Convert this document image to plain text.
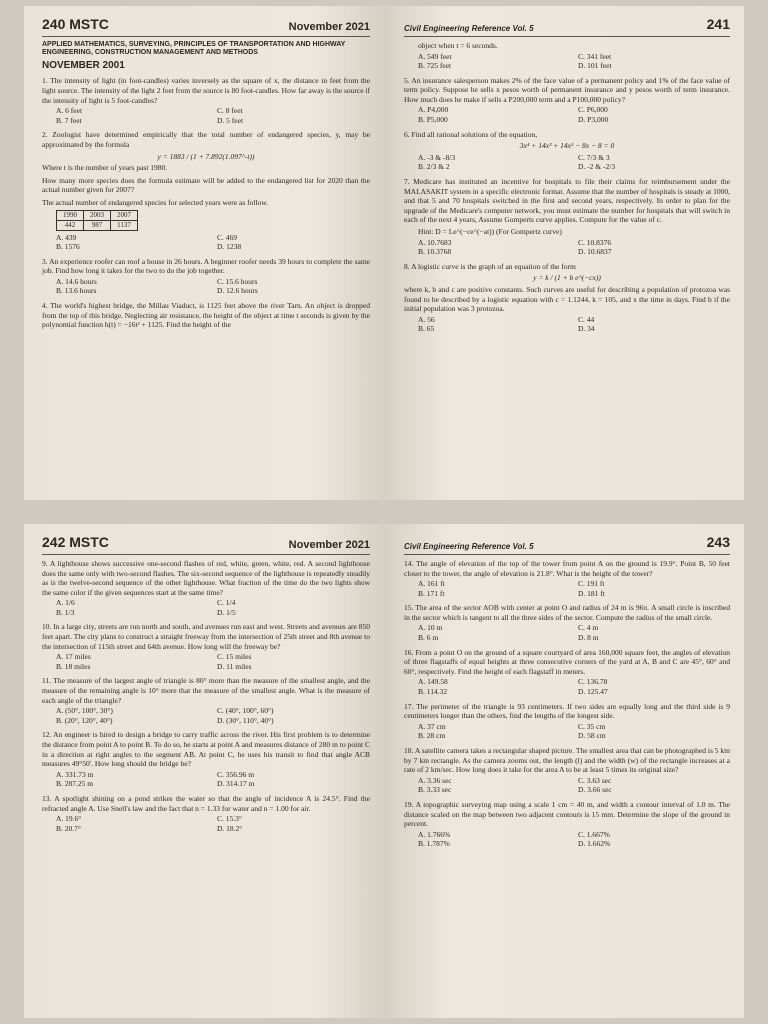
240 MSTC	November 2021
APPLIED MATHEMATICS, SURVEYING, PRINCIPLES OF TRANSPORTATION AND HIGHWAY ENGINEERING, CONSTRUCTION MANAGEMENT AND METHODS
NOVEMBER 2001
1. The intensity of light (in foot-candles) varies inversely as the square of x, the distance in feet from the light source. The intensity of the light 2 feet from the source is 80 foot-candles. How far away is the source if the intensity of light is 5 foot-candles?
A. 6 feet	C. 8 feet
B. 7 feet	D. 5 feet
2. Zoologist have determined empirically that the total number of endangered species, y, may be approximated by the formula
y = 1883 / (1 + 7.892(1.097^-t))
Where t is the number of years past 1980.
How many more species does the formula estimate will be added to the endangered list for 2020 than the actual number given for 2007?
The actual number of endangered species for selected years were as follow.
1990	2003	2007
442	987	1137
A. 439	C. 469
B. 1576	D. 1238
3. An experience roofer can roof a house in 26 hours. A beginner roofer needs 39 hours to complete the same job. Find how long it takes for the two to do the job together.
A. 14.6 hours	C. 15.6 hours
B. 13.6 hours	D. 12.6 hours
4. The world's highest bridge, the Millau Viaduct, is 1125 feet above the river Tarn. An object is dropped from the top of this bridge. Neglecting air resistance, the height of the object at time t seconds is given by the polynomial function h(t) = −16t² + 1125. Find the height of the
Civil Engineering Reference Vol. 5	241
object when t = 6 seconds.
A. 549 feet	C. 341 feet
B. 725 feet	D. 101 feet
5. An insurance salesperson makes 2% of the face value of a permanent policy and 1% of the face value of term policy. Suppose he sells x pesos worth of permanent insurance and y pesos worth of term insurance. How much does he make if sells a P200,000 term and a P100,000 policy?
A. P4,000	C. P6,000
B. P5,000	D. P3,000
6. Find all rational solutions of the equation,
3x⁴ + 14x³ + 14x² − 8x − 8 = 0
A. -3 & -8/3	C. 7/3 & 3
B. 2/3 & 2	D. -2 & -2/3
7. Medicare has instituted an incentive for hospitals to file their claims for reimbursement under the MALASAKIT system in a specific electronic format. Assume that the number of hospitals is steady at 1000, and that 5 and 70 hospitals switched in the first and second years, respectively. In order to plan for the upgrade of the Medicare's computer network, you must estimate the number for hospitals that will switch in each of the next 4 years, Assume Gomperts curve applies. Compute for the value of c.
Hint: D = Le^(−ce^(−at)) (For Gompertz curve)
A. 10.7683	C. 10.8376
B. 10.3768	D. 10.6837
8. A logistic curve is the graph of an equation of the form
y = k / (1 + b e^(−cx))
where k, b and c are positive constants. Such curves are useful for describing a population of protozoa was found to be described by a logistic equation with c = 1.1244, k = 105, and x the time in days. Find b if the initial population was 3 protozoa.
A. 56	C. 44
B. 65	D. 34
242 MSTC	November 2021
9. A lighthouse shows successive one-second flashes of red, white, green, white, red. A second lighthouse does the same only with two-second flashes. The six-second sequence of the lighthouse is repeatedly steadily as is the twelve-second sequence of the other lighthouse. What fraction of the time do the two lights show the same color if the given sequences start at the same time?
A. 1/6	C. 1/4
B. 1/3	D. 1/5
10. In a large city, streets are run north and south, and avenues run east and west. Streets and avenues are 850 feet apart. The city plans to construct a straight freeway from the intersection of 25th street and 8th avenue to the intersection of 115th street and 64th avenue. How long will the freeway be?
A. 17 miles	C. 15 miles
B. 18 miles	D. 11 miles
11. The measure of the largest angle of triangle is 80° more than the measure of the smallest angle, and the measure of the remaining angle is 10° more that the measure of the smallest angle. What is the measure of each angle of the triangle?
A. (50°, 100°, 30°)	C. (40°, 100°, 60°)
B. (20°, 120°, 40°)	D. (30°, 110°, 40°)
12. An engineer is hired to design a bridge to carry traffic across the river. His first problem is to determine the distance from point A to point B. To do so, he starts at point A and measures distance of 280 m to point C in a direction at right angles to the segment AB. At point C, he uses his transit to find that angle ACB measures 49°50'. How long should the bridge be?
A. 331.73 m	C. 356.96 m
B. 287.25 m	D. 314.17 m
13. A spotlight shining on a pond strikes the water so that the angle of incidence A is 24.5°. Find the refracted angle A. Use Snell's law and the fact that n = 1.33 for water and n = 1.00 for air.
A. 19.6°	C. 15.3°
B. 20.7°	D. 18.2°
Civil Engineering Reference Vol. 5	243
14. The angle of elevation of the top of the tower from point A on the ground is 19.9°. Point B, 50 feet closer to the tower, the angle of elevation is 21.8°. What is the height of the tower?
A. 161 ft	C. 191 ft
B. 171 ft	D. 181 ft
15. The area of the sector AOB with center at point O and radius of 24 m is 96π. A small circle is inscribed in the sector which is tangent to all the three sides of the sector. Compute the radius of the small circle.
A. 10 m	C. 4 m
B. 6 m	D. 8 m
16. From a point O on the ground of a square courtyard of area 160,000 square feet, the angles of elevation of three flagstaffs of equal heights at three consecutive corners of the yard at A, B and C are 45°, 60° and 60°, respectively. Find the height of each flagstaff in meters.
A. 149.58	C. 136.78
B. 114.32	D. 125.47
17. The perimeter of the triangle is 93 centimeters. If two sides are equally long and the third side is 9 centimeters longer than the others, find the lengths of the longest side.
A. 37 cm	C. 35 cm
B. 28 cm	D. 58 cm
18. A satellite camera takes a rectangular shaped picture. The smallest area that can be photographed is 5 km by 7 km rectangle. As the camera zooms out, the length (l) and the width (w) of the rectangle increases at a rate of 2 km/sec. How long does it take for the area A to be at least 5 times its original size?
A. 3.36 sec	C. 3.63 sec
B. 3.33 sec	D. 3.66 sec
19. A topographic surveying map using a scale 1 cm = 40 m, and width a contour interval of 1.0 m. The distance scaled on the map between two adjacent contours is 15 mm. Determine the slope of the ground in percent.
A. 1.766%	C. 1.667%
B. 1.787%	D. 1.662%
